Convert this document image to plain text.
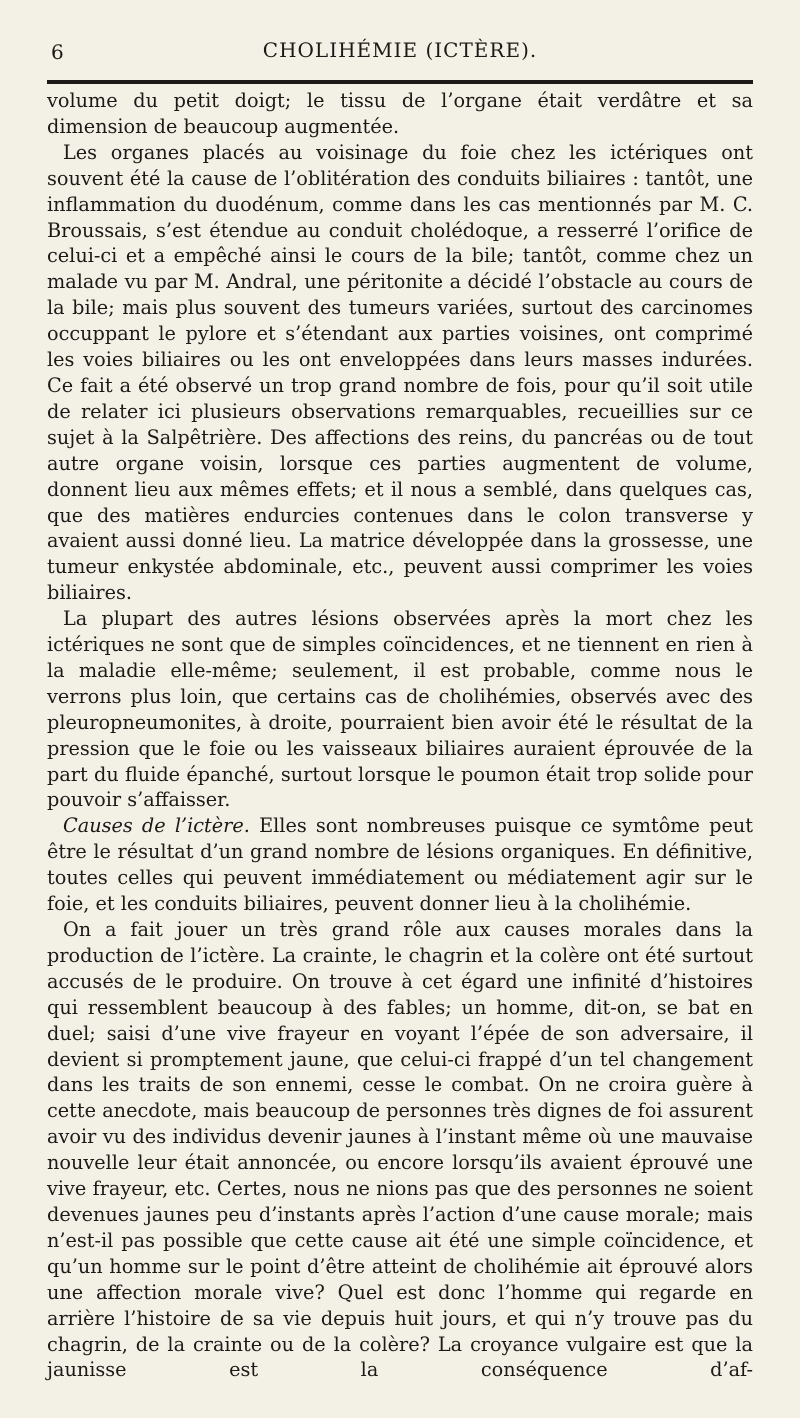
6	CHOLIHÉMIE (ICTÈRE).

volume du petit doigt; le tissu de l’organe était verdâtre et sa dimension de beaucoup augmentée.

Les organes placés au voisinage du foie chez les ictériques ont souvent été la cause de l’oblitération des conduits biliaires : tantôt, une inflammation du duodénum, comme dans les cas mentionnés par M. C. Broussais, s’est étendue au conduit cholédoque, a resserré l’orifice de celui-ci et a empêché ainsi le cours de la bile; tantôt, comme chez un malade vu par M. Andral, une péritonite a décidé l’obstacle au cours de la bile; mais plus souvent des tumeurs variées, surtout des carcinomes occuppant le pylore et s’étendant aux parties voisines, ont comprimé les voies biliaires ou les ont enveloppées dans leurs masses indurées. Ce fait a été observé un trop grand nombre de fois, pour qu’il soit utile de relater ici plusieurs observations remarquables, recueillies sur ce sujet à la Salpêtrière. Des affections des reins, du pancréas ou de tout autre organe voisin, lorsque ces parties augmentent de volume, donnent lieu aux mêmes effets; et il nous a semblé, dans quelques cas, que des matières endurcies contenues dans le colon transverse y avaient aussi donné lieu. La matrice développée dans la grossesse, une tumeur enkystée abdominale, etc., peuvent aussi comprimer les voies biliaires.

La plupart des autres lésions observées après la mort chez les ictériques ne sont que de simples coïncidences, et ne tiennent en rien à la maladie elle-même; seulement, il est probable, comme nous le verrons plus loin, que certains cas de cholihémies, observés avec des pleuropneumonites, à droite, pourraient bien avoir été le résultat de la pression que le foie ou les vaisseaux biliaires auraient éprouvée de la part du fluide épanché, surtout lorsque le poumon était trop solide pour pouvoir s’affaisser.

Causes de l’ictère. Elles sont nombreuses puisque ce symtôme peut être le résultat d’un grand nombre de lésions organiques. En définitive, toutes celles qui peuvent immédiatement ou médiatement agir sur le foie, et les conduits biliaires, peuvent donner lieu à la cholihémie.

On a fait jouer un très grand rôle aux causes morales dans la production de l’ictère. La crainte, le chagrin et la colère ont été surtout accusés de le produire. On trouve à cet égard une infinité d’histoires qui ressemblent beaucoup à des fables; un homme, dit-on, se bat en duel; saisi d’une vive frayeur en voyant l’épée de son adversaire, il devient si promptement jaune, que celui-ci frappé d’un tel changement dans les traits de son ennemi, cesse le combat. On ne croira guère à cette anecdote, mais beaucoup de personnes très dignes de foi assurent avoir vu des individus devenir jaunes à l’instant même où une mauvaise nouvelle leur était annoncée, ou encore lorsqu’ils avaient éprouvé une vive frayeur, etc. Certes, nous ne nions pas que des personnes ne soient devenues jaunes peu d’instants après l’action d’une cause morale; mais n’est-il pas possible que cette cause ait été une simple coïncidence, et qu’un homme sur le point d’être atteint de cholihémie ait éprouvé alors une affection morale vive? Quel est donc l’homme qui regarde en arrière l’histoire de sa vie depuis huit jours, et qui n’y trouve pas du chagrin, de la crainte ou de la colère? La croyance vulgaire est que la jaunisse est la conséquence d’af-
